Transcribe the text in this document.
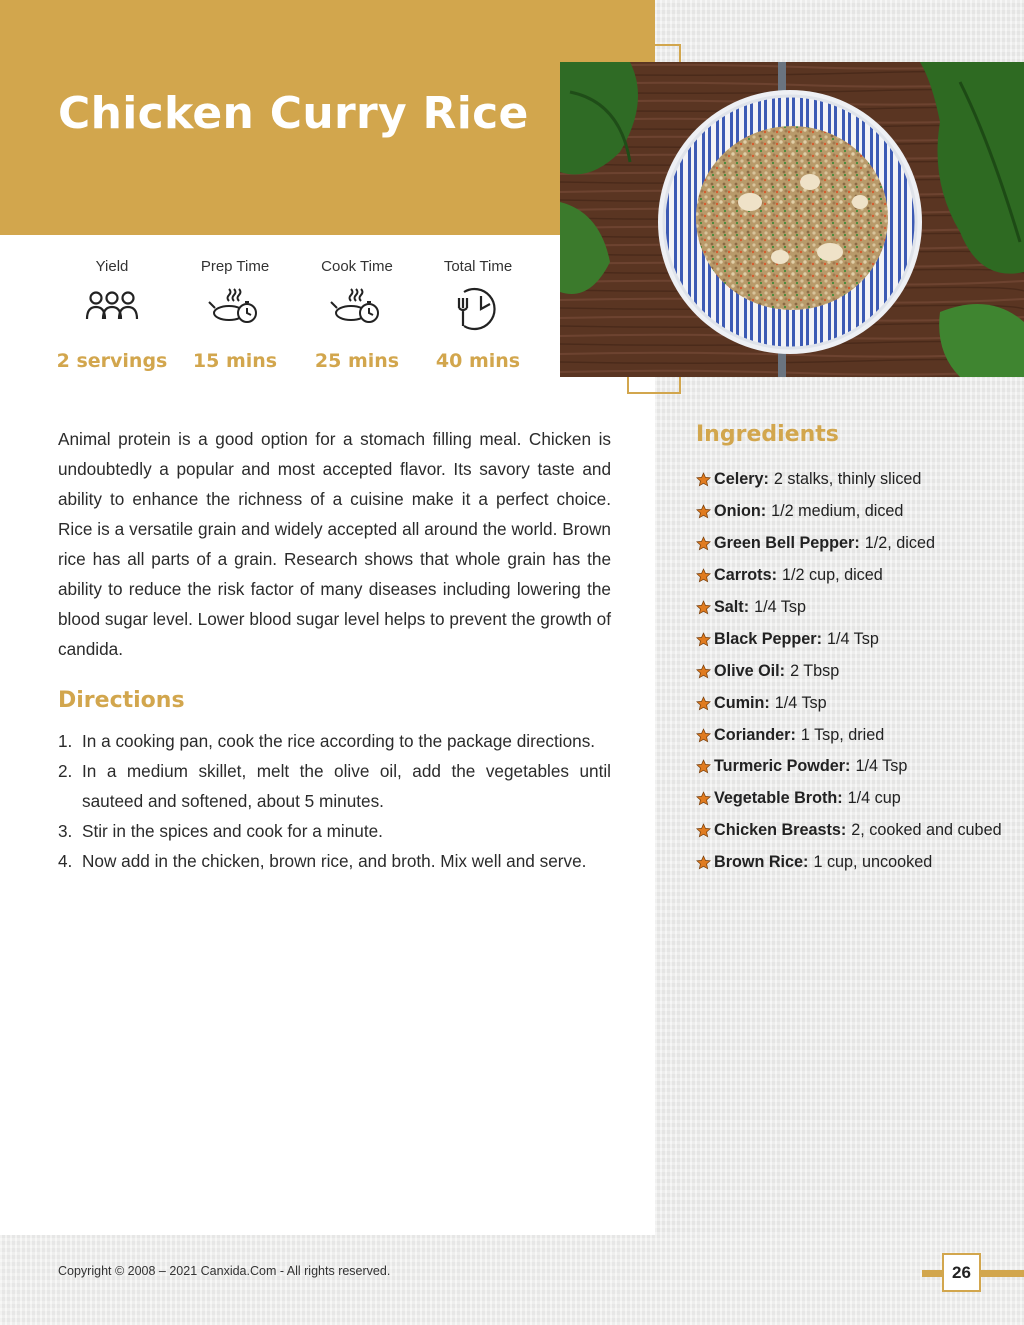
Chicken Curry Rice
Yield
2 servings
Prep Time
15 mins
Cook Time
25 mins
Total Time
40 mins

Animal protein is a good option for a stomach filling meal. Chicken is undoubtedly a popular and most accepted flavor. Its savory taste and ability to enhance the richness of a cuisine make it a perfect choice. Rice is a versatile grain and widely accepted all around the world. Brown rice has all parts of a grain. Research shows that whole grain has the ability to reduce the risk factor of many diseases including lowering the blood sugar level. Lower blood sugar level helps to prevent the growth of candida.

Directions
1. In a cooking pan, cook the rice according to the package directions.
2. In a medium skillet, melt the olive oil, add the vegetables until sauteed and softened, about 5 minutes.
3. Stir in the spices and cook for a minute.
4. Now add in the chicken, brown rice, and broth. Mix well and serve.
Ingredients
Celery: 2 stalks, thinly sliced
Onion: 1/2 medium, diced
Green Bell Pepper: 1/2, diced
Carrots: 1/2 cup, diced
Salt: 1/4 Tsp
Black Pepper: 1/4 Tsp
Olive Oil: 2 Tbsp
Cumin: 1/4 Tsp
Coriander: 1 Tsp, dried
Turmeric Powder: 1/4 Tsp
Vegetable Broth: 1/4 cup
Chicken Breasts: 2, cooked and cubed
Brown Rice: 1 cup, uncooked
Copyright © 2008 – 2021 Canxida.Com - All rights reserved.	26
